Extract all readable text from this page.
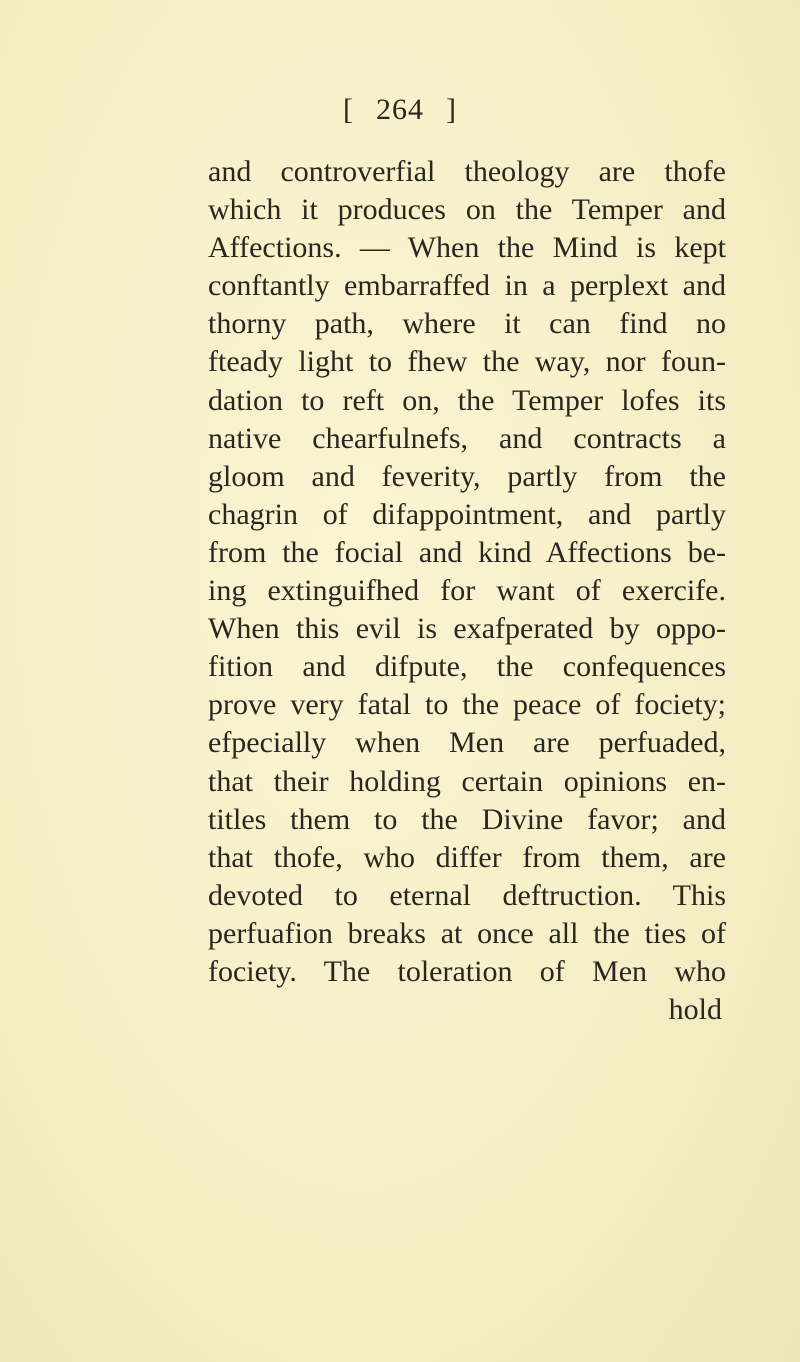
[ 264 ]
and controverfial theology are thofe
which it produces on the Temper and
Affections. — When the Mind is kept
conftantly embarraffed in a perplext and
thorny path, where it can find no
fteady light to fhew the way, nor foun-
dation to reft on, the Temper lofes its
native chearfulnefs, and contracts a
gloom and feverity, partly from the
chagrin of difappointment, and partly
from the focial and kind Affections be-
ing extinguifhed for want of exercife.
When this evil is exafperated by oppo-
fition and difpute, the confequences
prove very fatal to the peace of fociety;
efpecially when Men are perfuaded,
that their holding certain opinions en-
titles them to the Divine favor; and
that thofe, who differ from them, are
devoted to eternal deftruction. This
perfuafion breaks at once all the ties of
fociety. The toleration of Men who
hold
